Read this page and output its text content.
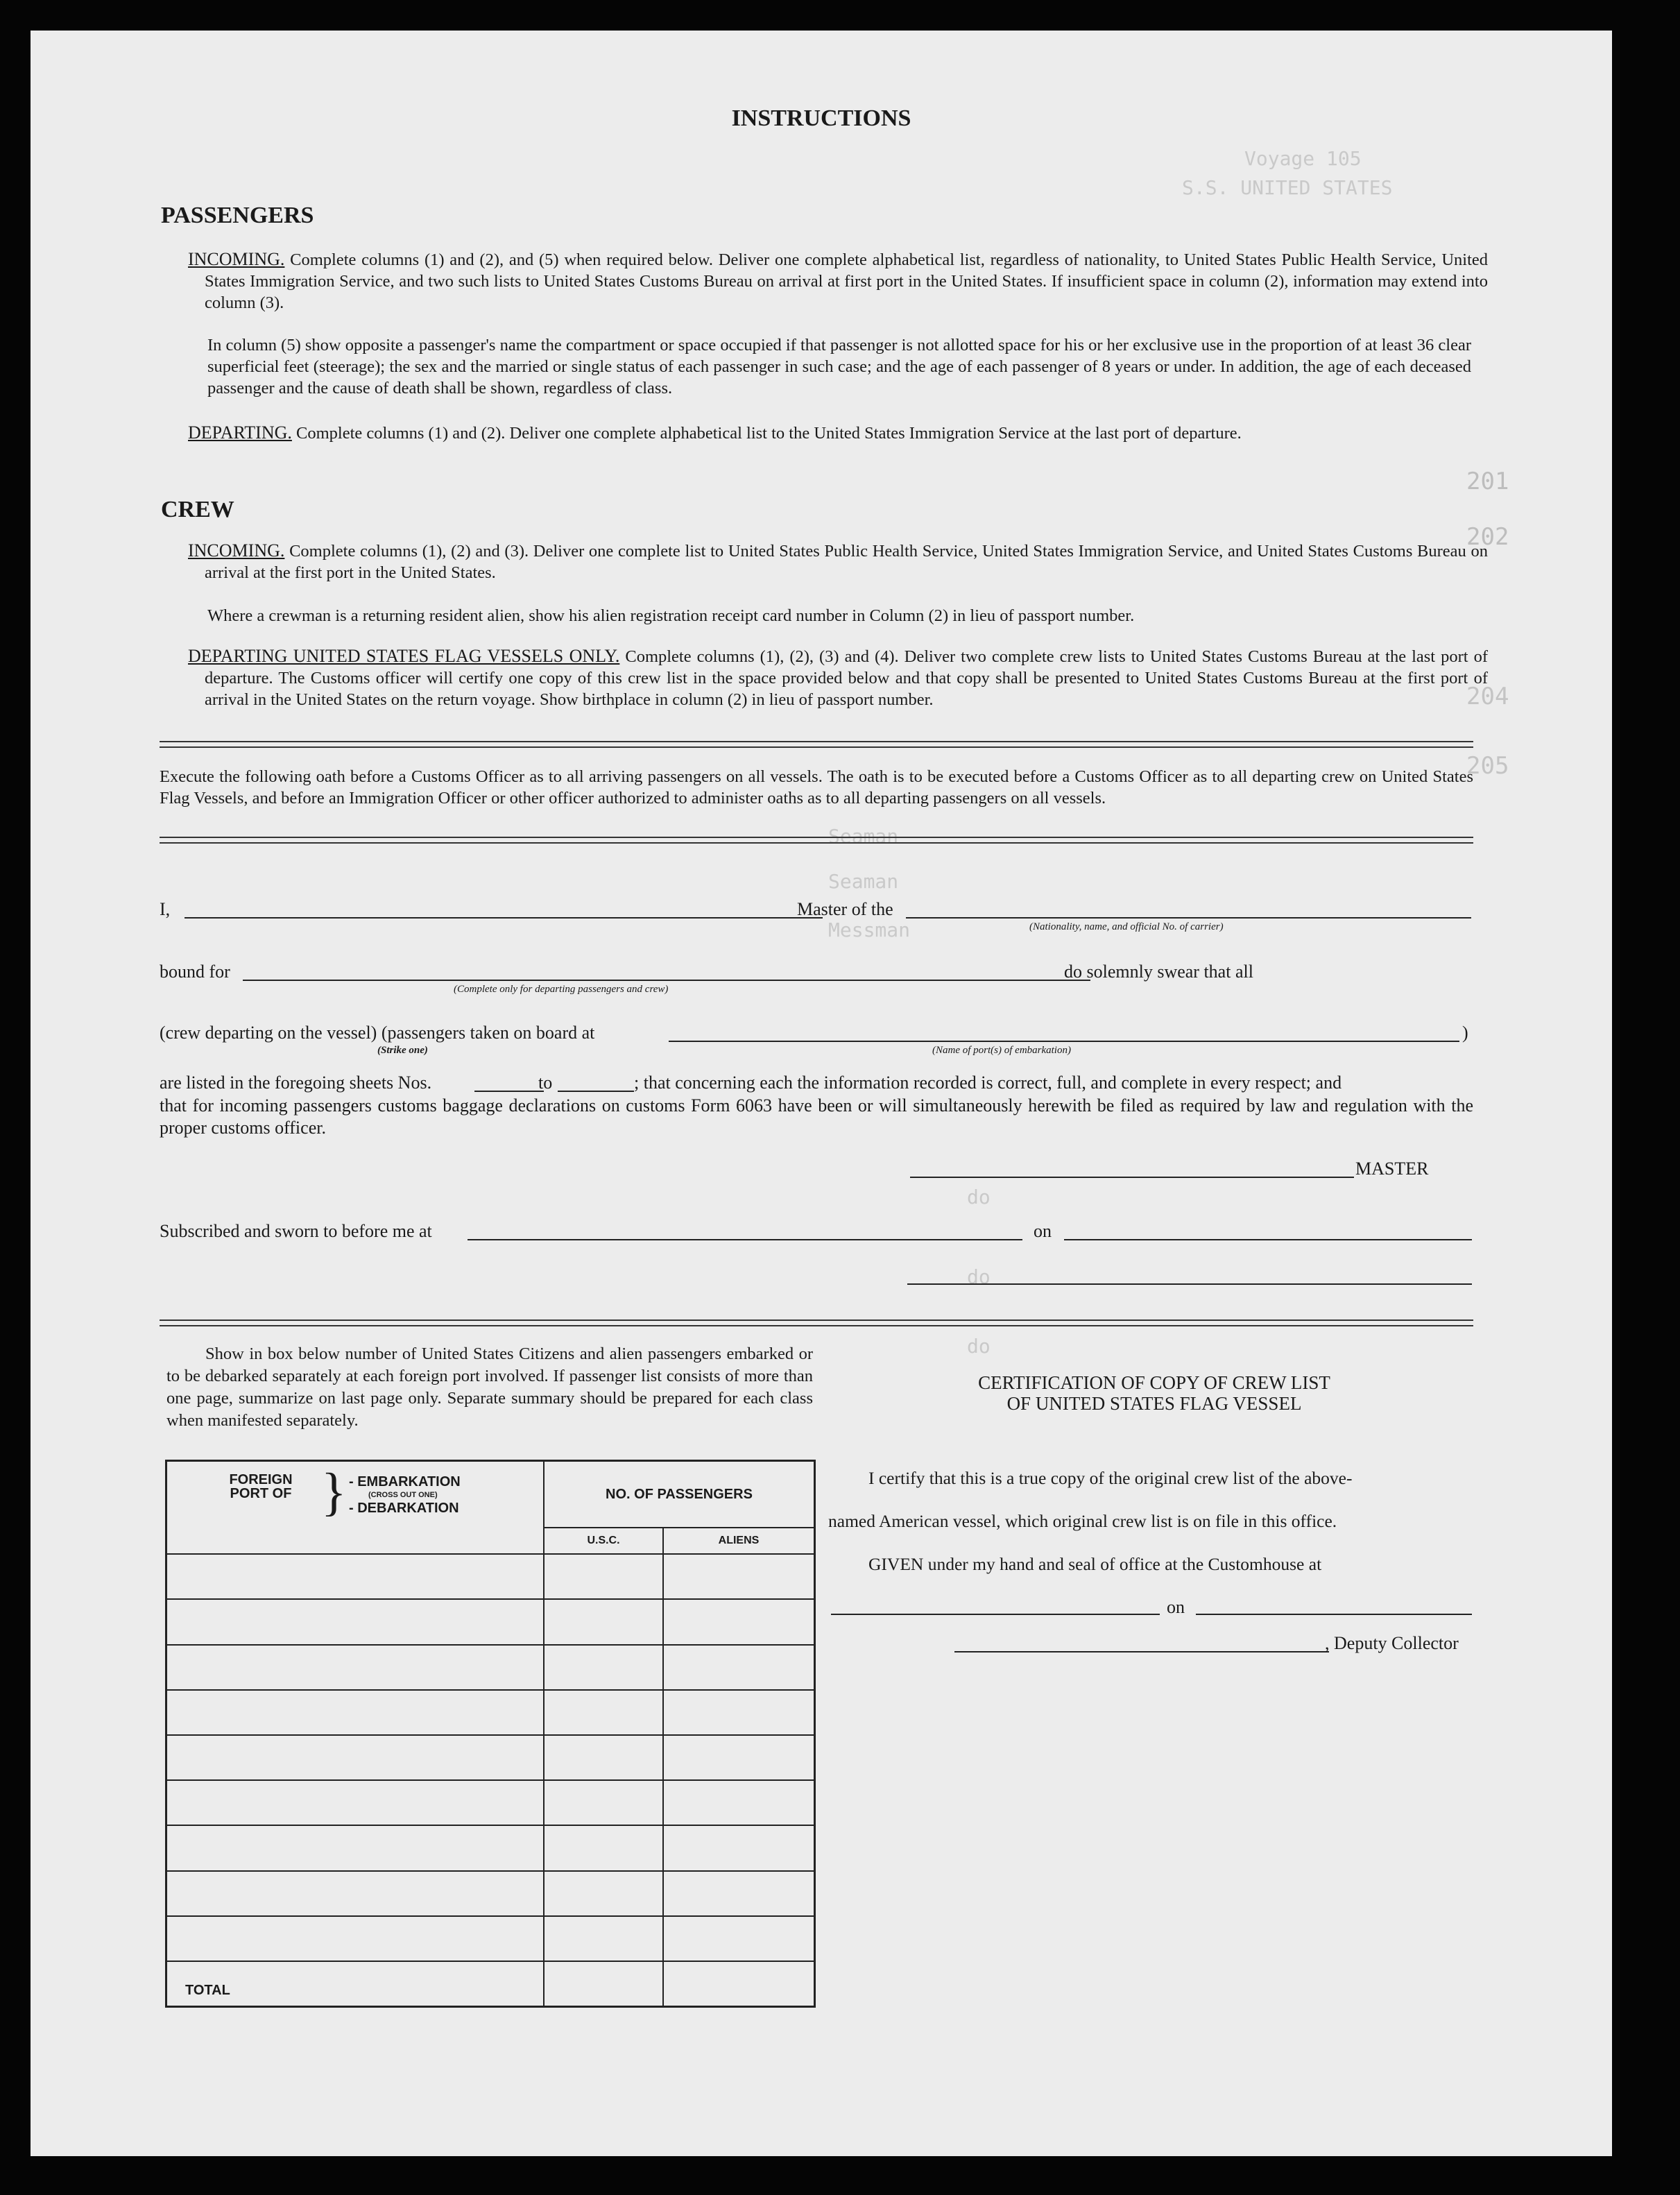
S.S. UNITED STATES
Voyage 105
201
202
204
205
Seaman
Seaman
Messman
do
do
do
INSTRUCTIONS
PASSENGERS
INCOMING. Complete columns (1) and (2), and (5) when required below. Deliver one complete alphabetical list, regardless of nationality, to United States Public Health Service, United States Immigration Service, and two such lists to United States Customs Bureau on arrival at first port in the United States. If insufficient space in column (2), information may extend into column (3).
In column (5) show opposite a passenger's name the compartment or space occupied if that passenger is not allotted space for his or her exclusive use in the proportion of at least 36 clear superficial feet (steerage); the sex and the married or single status of each passenger in such case; and the age of each passenger of 8 years or under. In addition, the age of each deceased passenger and the cause of death shall be shown, regardless of class.
DEPARTING. Complete columns (1) and (2). Deliver one complete alphabetical list to the United States Immigration Service at the last port of departure.
CREW
INCOMING. Complete columns (1), (2) and (3). Deliver one complete list to United States Public Health Service, United States Immigration Service, and United States Customs Bureau on arrival at the first port in the United States.
Where a crewman is a returning resident alien, show his alien registration receipt card number in Column (2) in lieu of passport number.
DEPARTING UNITED STATES FLAG VESSELS ONLY. Complete columns (1), (2), (3) and (4). Deliver two complete crew lists to United States Customs Bureau at the last port of departure. The Customs officer will certify one copy of this crew list in the space provided below and that copy shall be presented to United States Customs Bureau at the first port of arrival in the United States on the return voyage. Show birthplace in column (2) in lieu of passport number.
Execute the following oath before a Customs Officer as to all arriving passengers on all vessels. The oath is to be executed before a Customs Officer as to all departing crew on United States Flag Vessels, and before an Immigration Officer or other officer authorized to administer oaths as to all departing passengers on all vessels.
I,	Master of the
(Nationality, name, and official No. of carrier)
bound for
(Complete only for departing passengers and crew)
do solemnly swear that all
(crew departing on the vessel) (passengers taken on board at
(Strike one)	(Name of port(s) of embarkation)
)
are listed in the foregoing sheets Nos.	to	; that concerning each the information recorded is correct, full, and complete in every respect; and
that for incoming passengers customs baggage declarations on customs Form 6063 have been or will simultaneously herewith be filed as required by law and regulation with the proper customs officer.
MASTER
Subscribed and sworn to before me at	on
Show in box below number of United States Citizens and alien passengers embarked or to be debarked separately at each foreign port involved. If passenger list consists of more than one page, summarize on last page only. Separate summary should be prepared for each class when manifested separately.
FOREIGN PORT OF } - EMBARKATION
(CROSS OUT ONE)
- DEBARKATION	NO. OF PASSENGERS	
	U.S.C.	ALIENS

TOTAL		
CERTIFICATION OF COPY OF CREW LIST
OF UNITED STATES FLAG VESSEL
I certify that this is a true copy of the original crew list of the above-
named American vessel, which original crew list is on file in this office.
GIVEN under my hand and seal of office at the Customhouse at
on
, Deputy Collector
